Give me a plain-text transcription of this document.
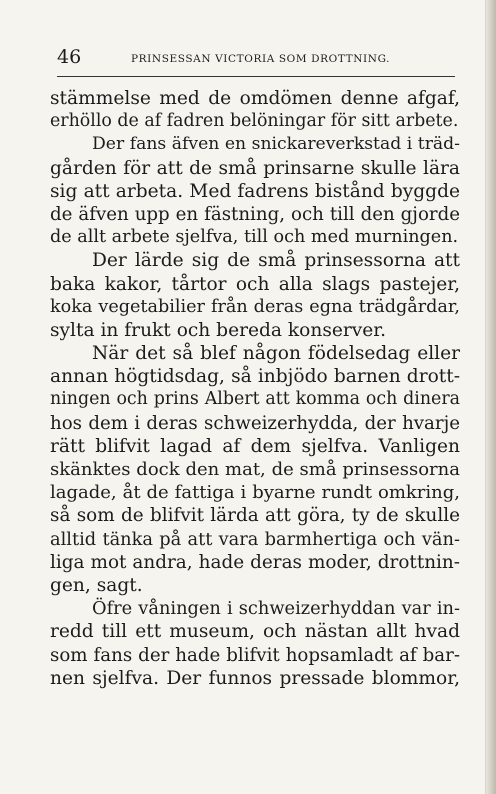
46	PRINSESSAN VICTORIA SOM DROTTNING.
stämmelse med de omdömen denne afgaf,
erhöllo de af fadren belöningar för sitt arbete.
Der fans äfven en snickareverkstad i träd-
gården för att de små prinsarne skulle lära
sig att arbeta. Med fadrens bistånd byggde
de äfven upp en fästning, och till den gjorde
de allt arbete sjelfva, till och med murningen.
Der lärde sig de små prinsessorna att
baka kakor, tårtor och alla slags pastejer,
koka vegetabilier från deras egna trädgårdar,
sylta in frukt och bereda konserver.
När det så blef någon födelsedag eller
annan högtidsdag, så inbjödo barnen drott-
ningen och prins Albert att komma och dinera
hos dem i deras schweizerhydda, der hvarje
rätt blifvit lagad af dem sjelfva. Vanligen
skänktes dock den mat, de små prinsessorna
lagade, åt de fattiga i byarne rundt omkring,
så som de blifvit lärda att göra, ty de skulle
alltid tänka på att vara barmhertiga och vän-
liga mot andra, hade deras moder, drottnin-
gen, sagt.
Öfre våningen i schweizerhyddan var in-
redd till ett museum, och nästan allt hvad
som fans der hade blifvit hopsamladt af bar-
nen sjelfva. Der funnos pressade blommor,
